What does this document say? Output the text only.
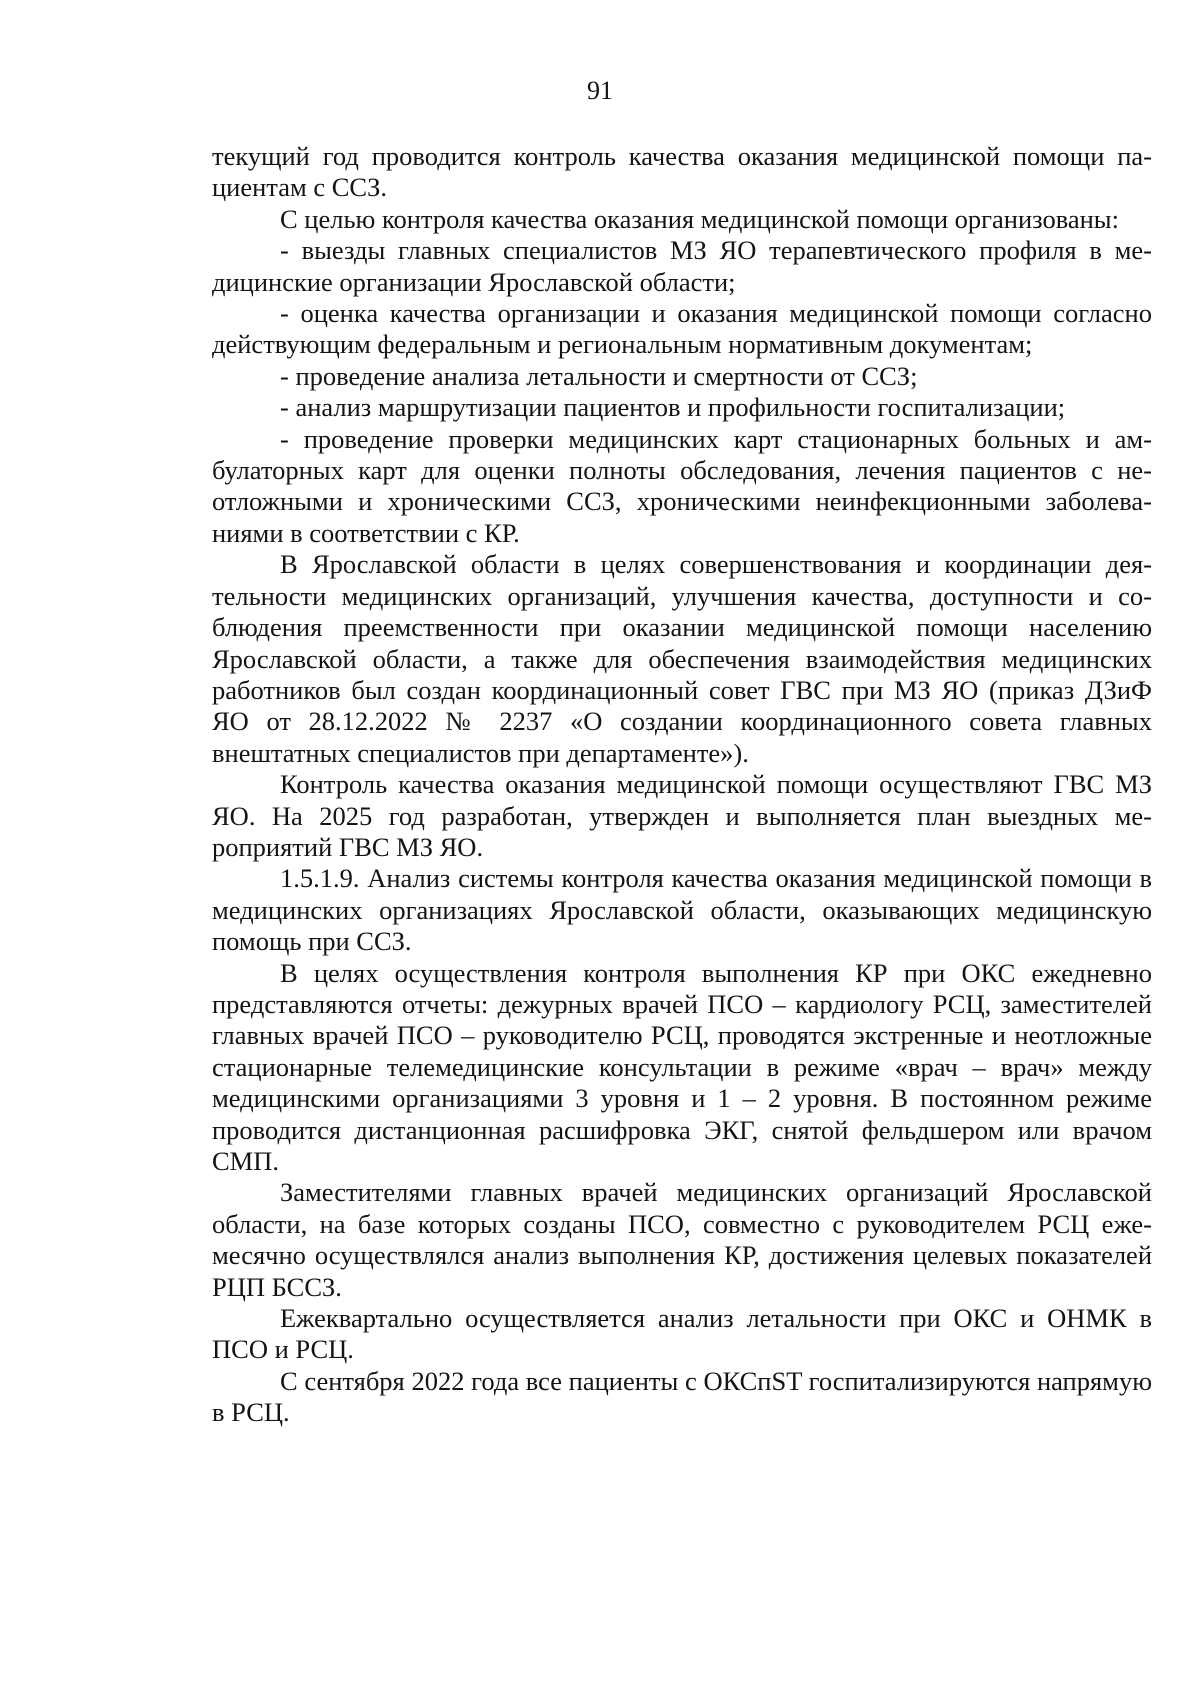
91

текущий год проводится контроль качества оказания медицинской помощи пациентам с ССЗ.

С целью контроля качества оказания медицинской помощи организованы:

- выезды главных специалистов МЗ ЯО терапевтического профиля в медицинские организации Ярославской области;

- оценка качества организации и оказания медицинской помощи согласно действующим федеральным и региональным нормативным документам;

- проведение анализа летальности и смертности от ССЗ;

- анализ маршрутизации пациентов и профильности госпитализации;

- проведение проверки медицинских карт стационарных больных и амбулаторных карт для оценки полноты обследования, лечения пациентов с неотложными и хроническими ССЗ, хроническими неинфекционными заболеваниями в соответствии с КР.

В Ярославской области в целях совершенствования и координации деятельности медицинских организаций, улучшения качества, доступности и соблюдения преемственности при оказании медицинской помощи населению Ярославской области, а также для обеспечения взаимодействия медицинских работников был создан координационный совет ГВС при МЗ ЯО (приказ ДЗиФ ЯО от 28.12.2022 № 2237 «О создании координационного совета главных внештатных специалистов при департаменте»).

Контроль качества оказания медицинской помощи осуществляют ГВС МЗ ЯО. На 2025 год разработан, утвержден и выполняется план выездных мероприятий ГВС МЗ ЯО.

1.5.1.9. Анализ системы контроля качества оказания медицинской помощи в медицинских организациях Ярославской области, оказывающих медицинскую помощь при ССЗ.

В целях осуществления контроля выполнения КР при ОКС ежедневно представляются отчеты: дежурных врачей ПСО – кардиологу РСЦ, заместителей главных врачей ПСО – руководителю РСЦ, проводятся экстренные и неотложные стационарные телемедицинские консультации в режиме «врач – врач» между медицинскими организациями 3 уровня и 1 – 2 уровня. В постоянном режиме проводится дистанционная расшифровка ЭКГ, снятой фельдшером или врачом СМП.

Заместителями главных врачей медицинских организаций Ярославской области, на базе которых созданы ПСО, совместно с руководителем РСЦ ежемесячно осуществлялся анализ выполнения КР, достижения целевых показателей РЦП БССЗ.

Ежеквартально осуществляется анализ летальности при ОКС и ОНМК в ПСО и РСЦ.

С сентября 2022 года все пациенты с ОКСпST госпитализируются напрямую в РСЦ.
